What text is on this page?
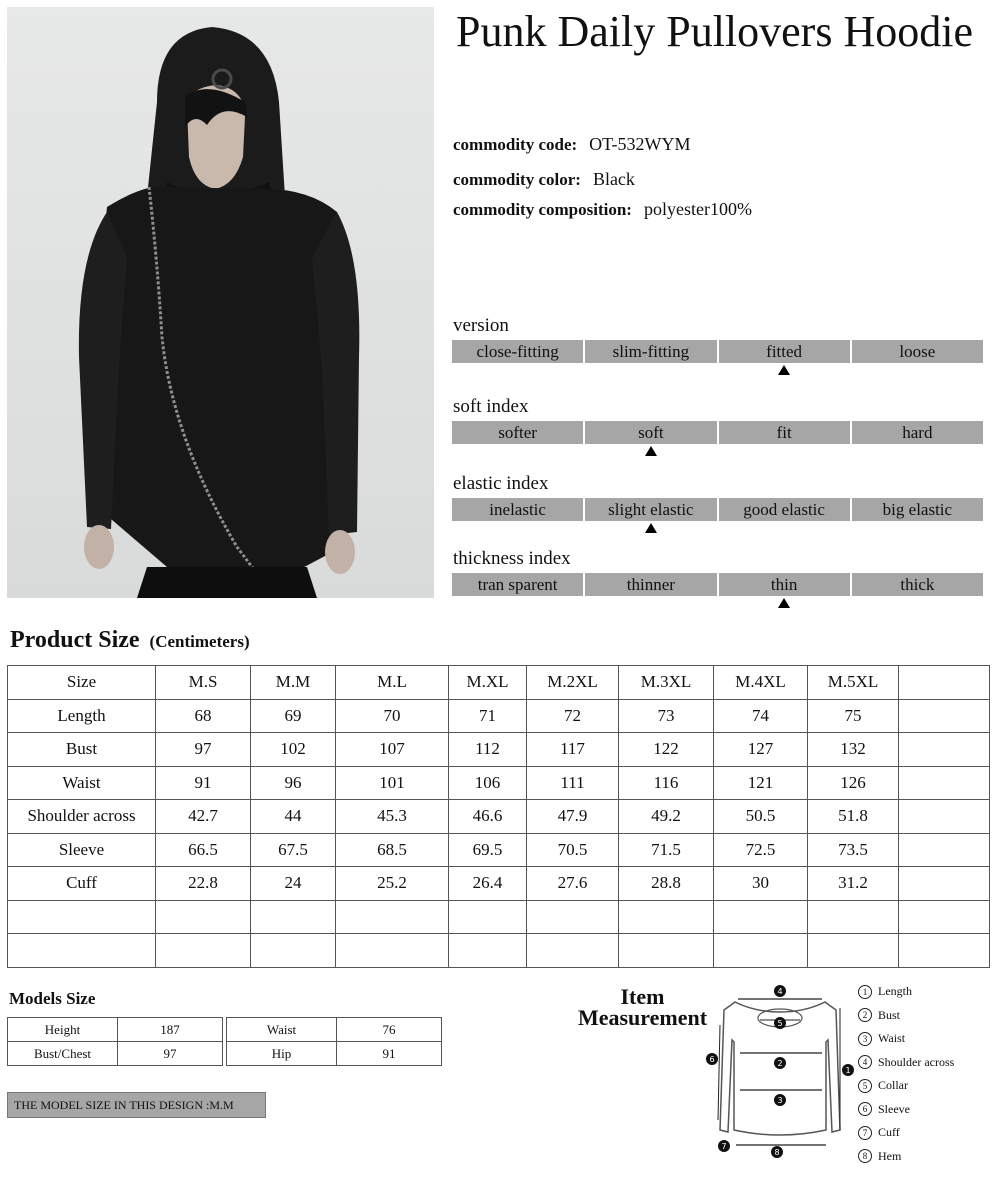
Punk Daily Pullovers Hoodie
commodity code: OT-532WYM
commodity color: Black
commodity composition: polyester100%
version
close-fitting	slim-fitting	fitted	loose
soft index
softer	soft	fit	hard
elastic index
inelastic	slight elastic	good elastic	big elastic
thickness index
tran sparent	thinner	thin	thick
Product Size (Centimeters)
Size	M.S	M.M	M.L	M.XL	M.2XL	M.3XL	M.4XL	M.5XL	
Length	68	69	70	71	72	73	74	75	
Bust	97	102	107	112	117	122	127	132	
Waist	91	96	101	106	111	116	121	126	
Shoulder across	42.7	44	45.3	46.6	47.9	49.2	50.5	51.8	
Sleeve	66.5	67.5	68.5	69.5	70.5	71.5	72.5	73.5	
Cuff	22.8	24	25.2	26.4	27.6	28.8	30	31.2	

Models Size
Height	187
Bust/Chest	97
Waist	76
Hip	91
THE MODEL SIZE IN THIS DESIGN :M.M
Item
Measurement
4
5
2
3
1
6
7
8
1 Length
2 Bust
3 Waist
4 Shoulder across
5 Collar
6 Sleeve
7 Cuff
8 Hem
